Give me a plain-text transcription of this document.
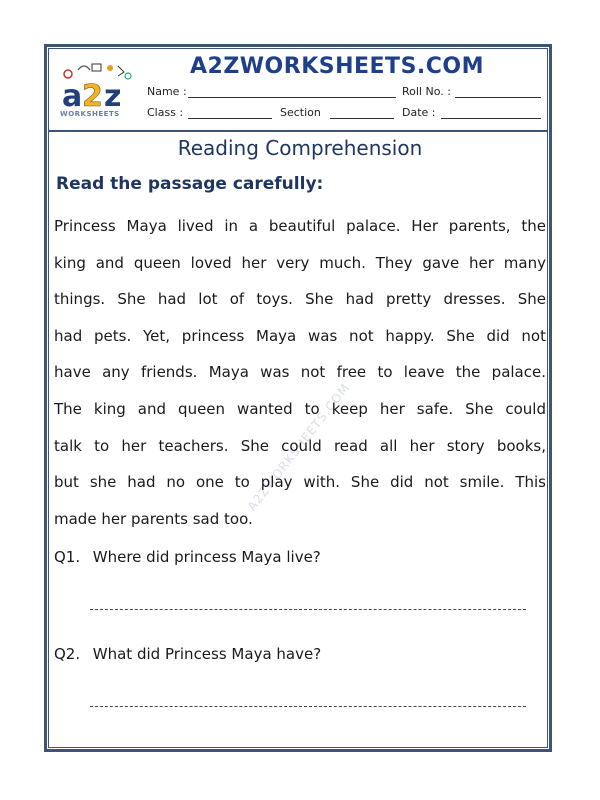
a 2 z
WORKSHEETS
A2ZWORKSHEETS.COM
Name :	Roll No. :
Class :	Section	Date :
Reading Comprehension
Read the passage carefully:
A2ZWORKSHEETS.COM
Princess Maya lived in a beautiful palace. Her parents, the
king and queen loved her very much. They gave her many
things. She had lot of toys. She had pretty dresses. She
had pets. Yet, princess Maya was not happy. She did not
have any friends. Maya was not free to leave the palace.
The king and queen wanted to keep her safe. She could
talk to her teachers. She could read all her story books,
but she had no one to play with. She did not smile. This
made her parents sad too.
Q1. Where did princess Maya live?
Q2. What did Princess Maya have?
